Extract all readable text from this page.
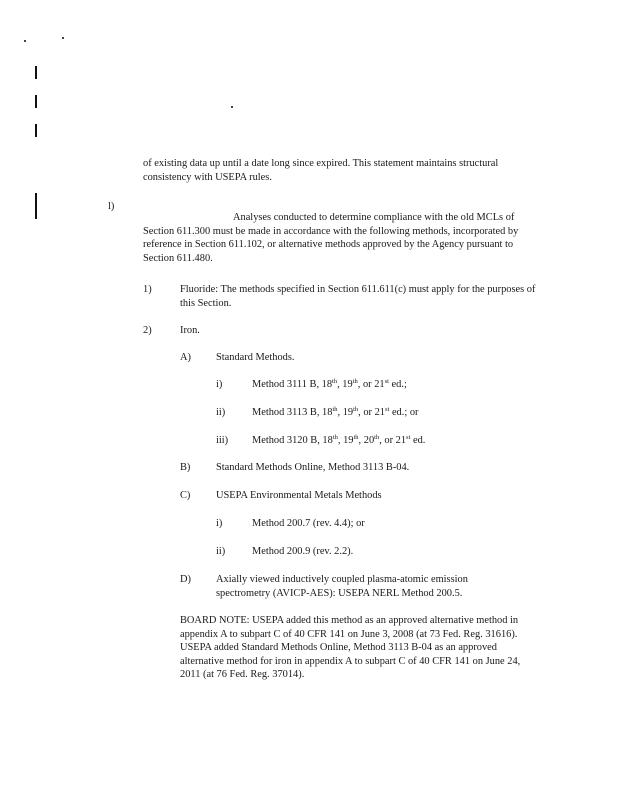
of existing data up until a date long since expired. This statement maintains structural consistency with USEPA rules.
l)
Analyses conducted to determine compliance with the old MCLs of Section 611.300 must be made in accordance with the following methods, incorporated by reference in Section 611.102, or alternative methods approved by the Agency pursuant to Section 611.480.
1)	Fluoride: The methods specified in Section 611.611(c) must apply for the purposes of this Section.
2)	Iron.
A) Standard Methods.
i)	Method 3111 B, 18th, 19th, or 21st ed.;
ii)	Method 3113 B, 18th, 19th, or 21st ed.; or
iii) Method 3120 B, 18th, 19th, 20th, or 21st ed.
B) Standard Methods Online, Method 3113 B-04.
C) USEPA Environmental Metals Methods
i)	Method 200.7 (rev. 4.4); or
ii)	Method 200.9 (rev. 2.2).
D) Axially viewed inductively coupled plasma-atomic emission spectrometry (AVICP-AES): USEPA NERL Method 200.5.
BOARD NOTE: USEPA added this method as an approved alternative method in appendix A to subpart C of 40 CFR 141 on June 3, 2008 (at 73 Fed. Reg. 31616). USEPA added Standard Methods Online, Method 3113 B-04 as an approved alternative method for iron in appendix A to subpart C of 40 CFR 141 on June 24, 2011 (at 76 Fed. Reg. 37014).
